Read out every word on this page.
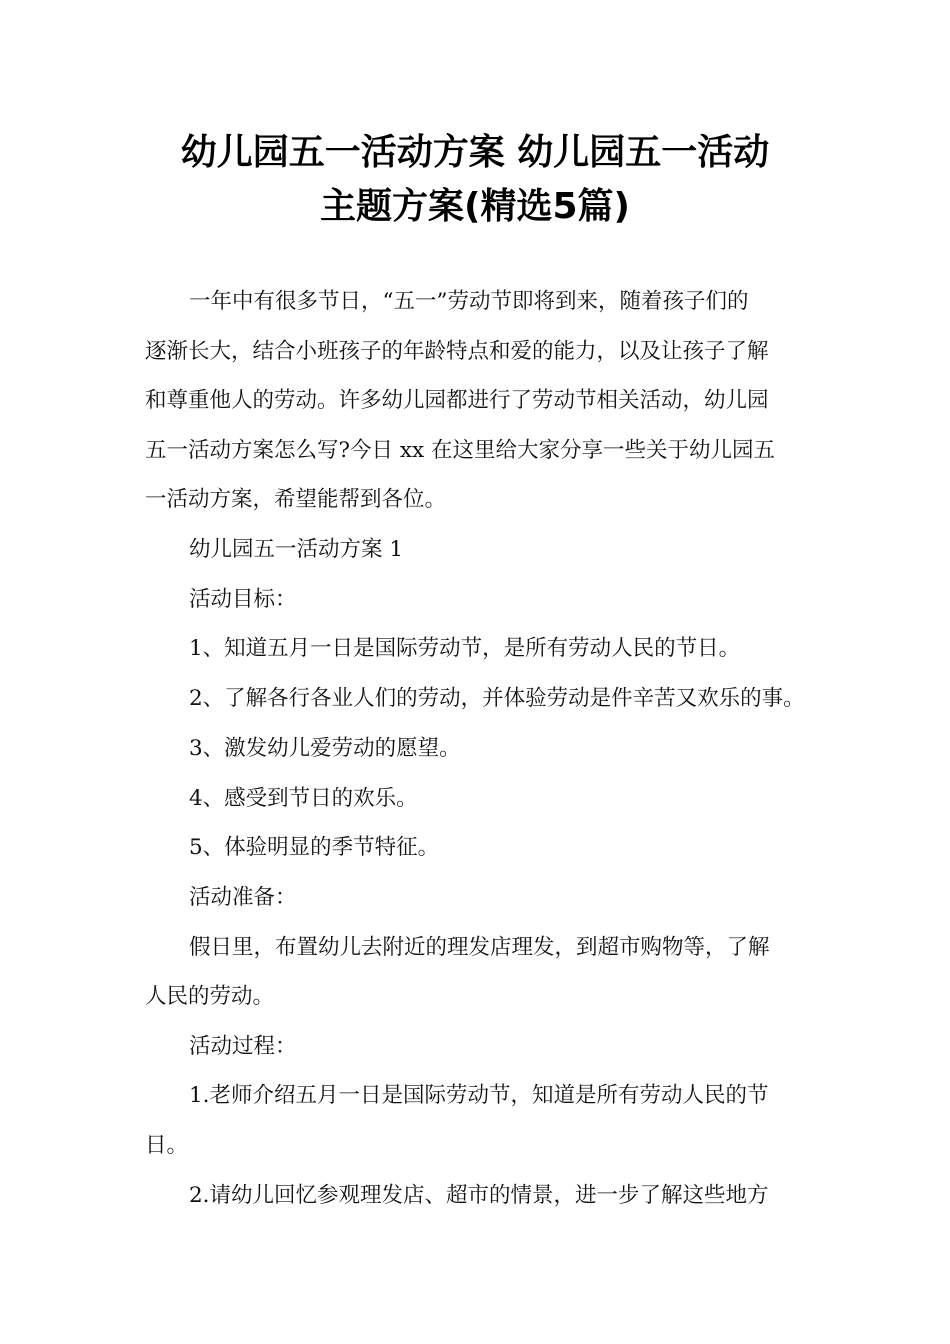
幼儿园五一活动方案 幼儿园五一活动
主题方案(精选5篇)
一年中有很多节日，“五一”劳动节即将到来，随着孩子们的
逐渐长大，结合小班孩子的年龄特点和爱的能力，以及让孩子了解
和尊重他人的劳动。许多幼儿园都进行了劳动节相关活动，幼儿园
五一活动方案怎么写?今日 xx 在这里给大家分享一些关于幼儿园五
一活动方案，希望能帮到各位。
幼儿园五一活动方案 1
活动目标：
1、知道五月一日是国际劳动节，是所有劳动人民的节日。
2、了解各行各业人们的劳动，并体验劳动是件辛苦又欢乐的事。
3、激发幼儿爱劳动的愿望。
4、感受到节日的欢乐。
5、体验明显的季节特征。
活动准备：
假日里，布置幼儿去附近的理发店理发，到超市购物等，了解
人民的劳动。
活动过程：
1.老师介绍五月一日是国际劳动节，知道是所有劳动人民的节
日。
2.请幼儿回忆参观理发店、超市的情景，进一步了解这些地方
